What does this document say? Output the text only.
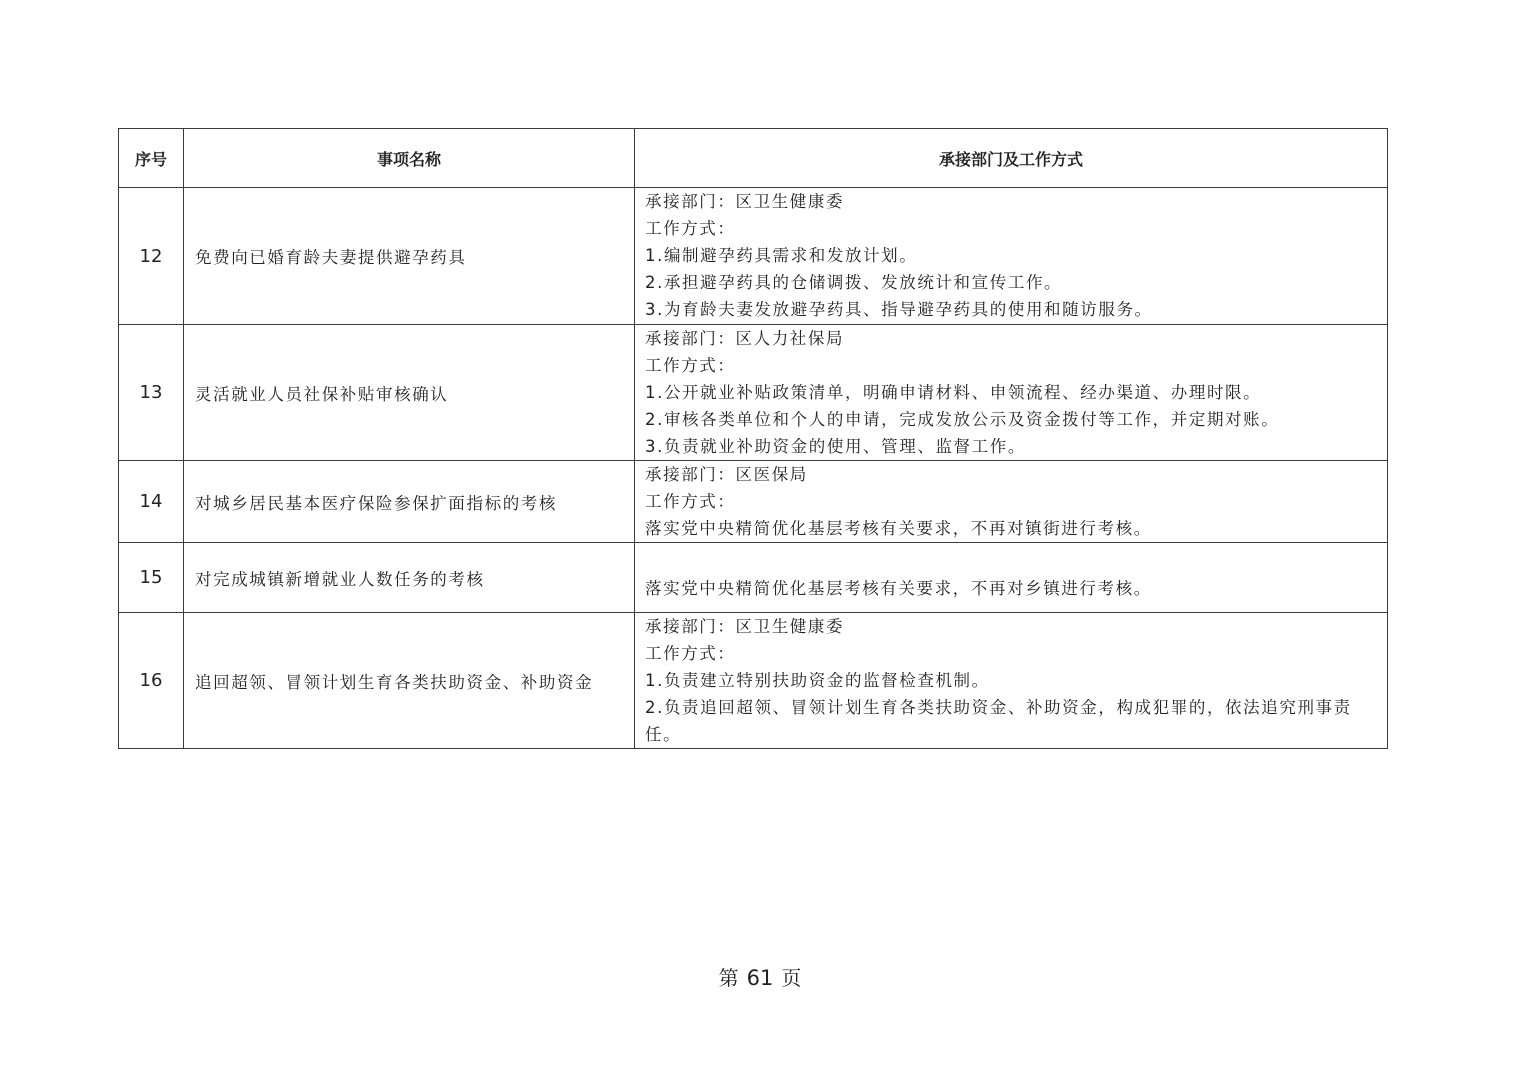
序号	事项名称	承接部门及工作方式
12	免费向已婚育龄夫妻提供避孕药具	承接部门：区卫生健康委
工作方式：
1.编制避孕药具需求和发放计划。
2.承担避孕药具的仓储调拨、发放统计和宣传工作。
3.为育龄夫妻发放避孕药具、指导避孕药具的使用和随访服务。

13	灵活就业人员社保补贴审核确认	承接部门：区人力社保局
工作方式：
1.公开就业补贴政策清单，明确申请材料、申领流程、经办渠道、办理时限。
2.审核各类单位和个人的申请，完成发放公示及资金拨付等工作，并定期对账。
3.负责就业补助资金的使用、管理、监督工作。

14	对城乡居民基本医疗保险参保扩面指标的考核	承接部门：区医保局
工作方式：
落实党中央精简优化基层考核有关要求，不再对镇街进行考核。

15	对完成城镇新增就业人数任务的考核	落实党中央精简优化基层考核有关要求，不再对乡镇进行考核。

16	追回超领、冒领计划生育各类扶助资金、补助资金	承接部门：区卫生健康委
工作方式：
1.负责建立特别扶助资金的监督检查机制。
2.负责追回超领、冒领计划生育各类扶助资金、补助资金，构成犯罪的，依法追究刑事责任。
第 61 页
